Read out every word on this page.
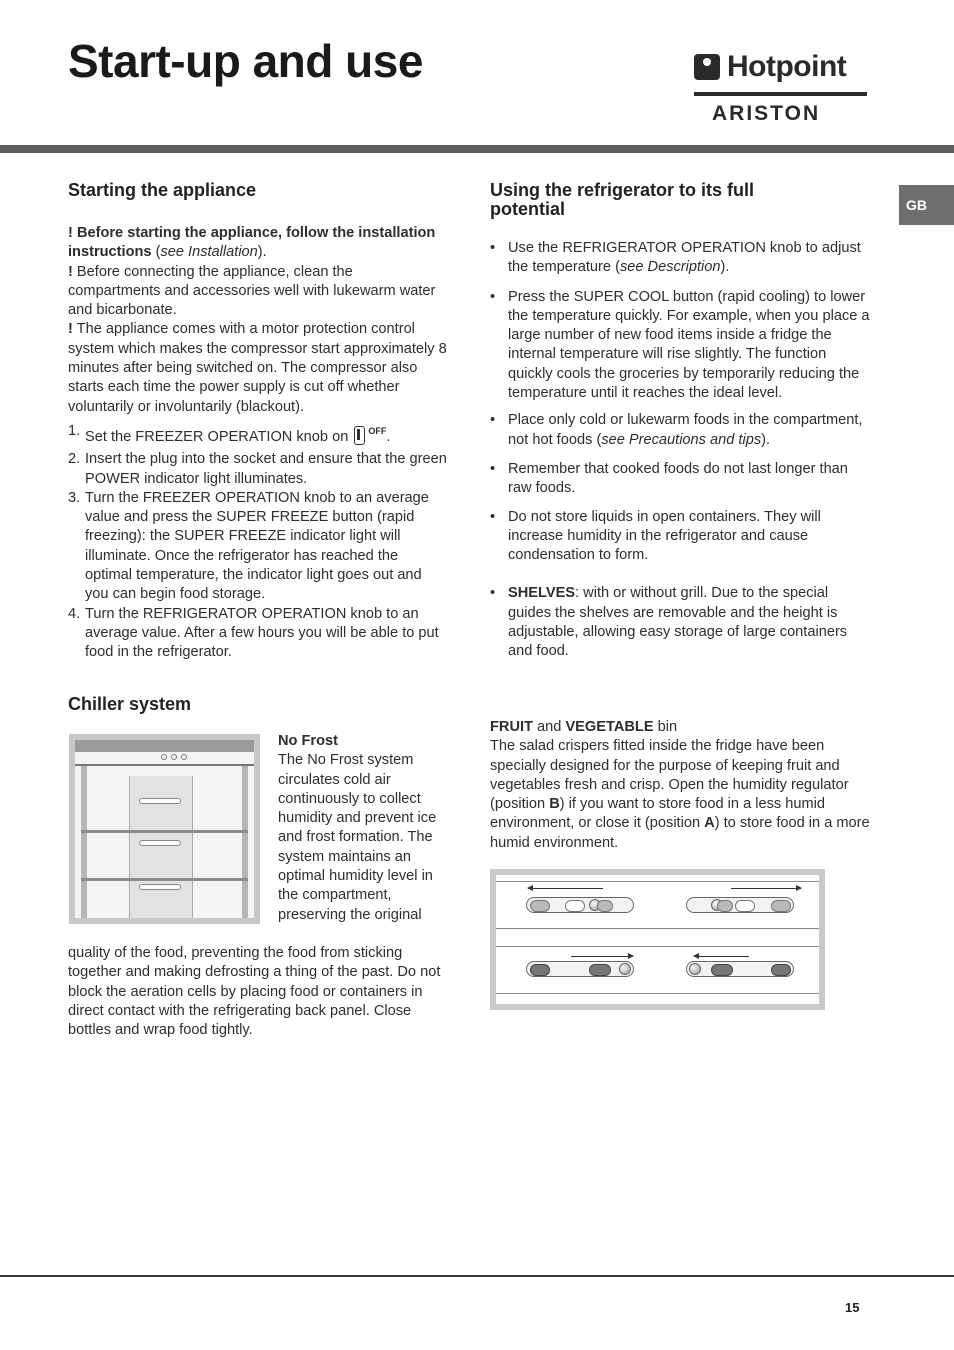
Start-up and use	Hotpoint
ARISTON
GB
Starting the appliance

! Before starting the appliance, follow the installation instructions (see Installation).

! Before connecting the appliance, clean the compartments and accessories well with lukewarm water and bicarbonate.

! The appliance comes with a motor protection control system which makes the compressor start approximately 8 minutes after being switched on. The compressor also starts each time the power supply is cut off whether voluntarily or involuntarily (blackout).

1. Set the FREEZER OPERATION knob on $^{OFF}$.
2. Insert the plug into the socket and ensure that the green POWER indicator light illuminates.
3. Turn the FREEZER OPERATION knob to an average value and press the SUPER FREEZE button (rapid freezing): the SUPER FREEZE indicator light will illuminate. Once the refrigerator has reached the optimal temperature, the indicator light goes out and you can begin food storage.
4. Turn the REFRIGERATOR OPERATION knob to an average value. After a few hours you will be able to put food in the refrigerator.
Chiller system

No Frost

The No Frost system circulates cold air continuously to collect humidity and prevent ice and frost formation. The system maintains an optimal humidity level in the compartment, preserving the original

quality of the food, preventing the food from sticking together and making defrosting a thing of the past. Do not block the aeration cells by placing food or containers in direct contact with the refrigerating back panel. Close bottles and wrap food tightly.

Using the refrigerator to its full potential
• Use the REFRIGERATOR OPERATION knob to adjust the temperature (see Description).
• Press the SUPER COOL button (rapid cooling) to lower the temperature quickly. For example, when you place a large number of new food items inside a fridge the internal temperature will rise slightly. The function quickly cools the groceries by temporarily reducing the temperature until it reaches the ideal level.
• Place only cold or lukewarm foods in the compartment, not hot foods (see Precautions and tips).
• Remember that cooked foods do not last longer than raw foods.
• Do not store liquids in open containers. They will increase humidity in the refrigerator and cause condensation to form.
• SHELVES: with or without grill. Due to the special guides the shelves are removable and the height is adjustable, allowing easy storage of large containers and food.

FRUIT and VEGETABLE bin

The salad crispers fitted inside the fridge have been specially designed for the purpose of keeping fruit and vegetables fresh and crisp. Open the humidity regulator (position B) if you want to store food in a less humid environment, or close it (position A) to store food in a more humid environment.

15
